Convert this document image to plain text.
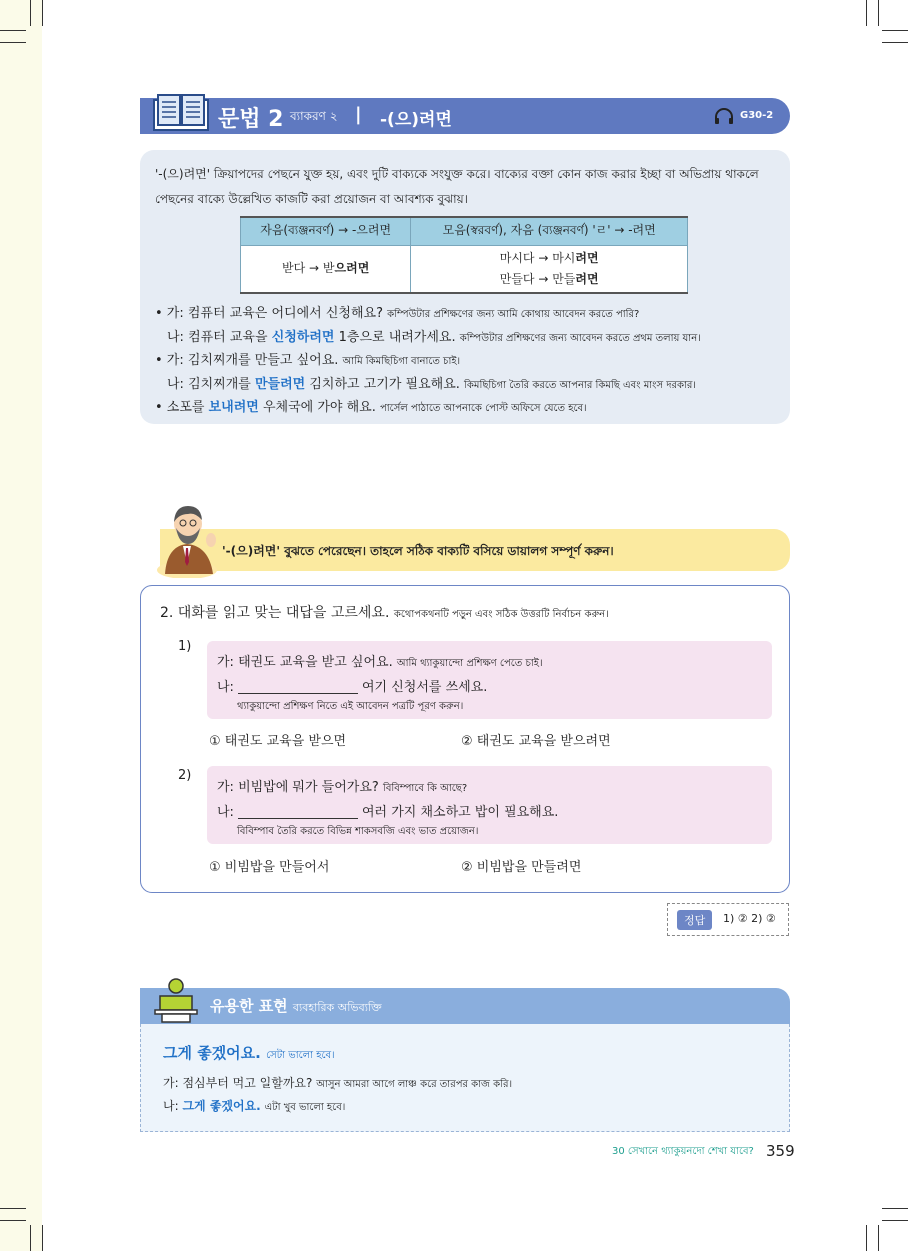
문법 2 ব্যাকরণ ২ | -(으)려면	G30-2

'-(으)려면' ক্রিয়াপদের পেছনে যুক্ত হয়, এবং দুটি বাক্যকে সংযুক্ত করে। বাক্যের বক্তা কোন কাজ করার ইচ্ছা বা অভিপ্রায় থাকলে পেছনের বাক্যে উল্লেখিত কাজটি করা প্রয়োজন বা আবশ্যক বুঝায়।

자음(ব্যঞ্জনবর্ণ) → -으려면	모음(স্বরবর্ণ), 자음 (ব্যঞ্জনবর্ণ) 'ㄹ' → -려면
받다 → 받으려면	마시다 → 마시려면
만들다 → 만들려면
• 가: 컴퓨터 교육은 어디에서 신청해요? কম্পিউটার প্রশিক্ষণের জন্য আমি কোথায় আবেদন করতে পারি?
나: 컴퓨터 교육을 신청하려면 1층으로 내려가세요. কম্পিউটার প্রশিক্ষণের জন্য আবেদন করতে প্রথম তলায় যান।
• 가: 김치찌개를 만들고 싶어요. আমি কিমছিচিগা বানাতে চাই।
나: 김치찌개를 만들려면 김치하고 고기가 필요해요. কিমছিচিগা তৈরি করতে আপনার কিমছি এবং মাংস দরকার।
• 소포를 보내려면 우체국에 가야 해요. পার্সেল পাঠাতে আপনাকে পোস্ট অফিসে যেতে হবে।
'-(으)려면' বুঝতে পেরেছেন। তাহলে সঠিক বাক্যটি বসিয়ে ডায়ালগ সম্পূর্ণ করুন।
2. 대화를 읽고 맞는 대답을 고르세요. কথোপকথনটি পড়ুন এবং সঠিক উত্তরটি নির্বাচন করুন।
1)
가: 태권도 교육을 받고 싶어요. আমি থ্যাকুয়ান্দো প্রশিক্ষণ পেতে চাই।
나:	여기 신청서를 쓰세요.
থ্যাকুয়ান্দো প্রশিক্ষণ নিতে এই আবেদন পত্রটি পূরণ করুন।
① 태권도 교육을 받으면	② 태권도 교육을 받으려면
2)
가: 비빔밥에 뭐가 들어가요? বিবিম্পাবে কি আছে?
나:	여러 가지 채소하고 밥이 필요해요.
বিবিম্পাব তৈরি করতে বিভিন্ন শাকসবজি এবং ভাত প্রয়োজন।
① 비빔밥을 만들어서	② 비빔밥을 만들려면
정답	1) ② 2) ②
유용한 표현 ব্যবহারিক অভিব্যক্তি
그게 좋겠어요. সেটা ভালো হবে।
가: 점심부터 먹고 일할까요? আসুন আমরা আগে লাঞ্চ করে তারপর কাজ করি।
나: 그게 좋겠어요. এটা খুব ভালো হবে।
30 সেখানে থ্যাকুয়নদো শেখা যাবে? 359
